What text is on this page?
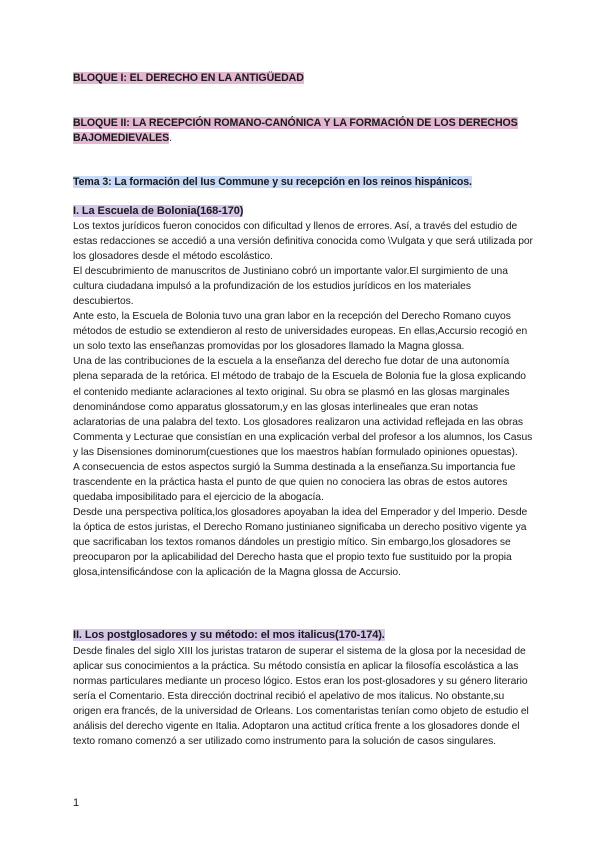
BLOQUE I: EL DERECHO EN LA ANTIGÜEDAD
BLOQUE II: LA RECEPCIÓN ROMANO-CANÓNICA Y LA FORMACIÓN DE LOS DERECHOS BAJOMEDIEVALES.
Tema 3: La formación del Ius Commune y su recepción en los reinos hispánicos.
I. La Escuela de Bolonia(168-170)

Los textos jurídicos fueron conocidos con dificultad y llenos de errores. Así, a través del estudio de estas redacciones se accedió a una versión definitiva conocida como \Vulgata y que será utilizada por los glosadores desde el método escolástico.

El descubrimiento de manuscritos de Justiniano cobró un importante valor.El surgimiento de una cultura ciudadana impulsó a la profundización de los estudios jurídicos en los materiales descubiertos.

Ante esto, la Escuela de Bolonia tuvo una gran labor en la recepción del Derecho Romano cuyos métodos de estudio se extendieron al resto de universidades europeas. En ellas,Accursio recogió en un solo texto las enseñanzas promovidas por los glosadores llamado la Magna glossa.

Una de las contribuciones de la escuela a la enseñanza del derecho fue dotar de una autonomía plena separada de la retórica. El método de trabajo de la Escuela de Bolonia fue la glosa explicando el contenido mediante aclaraciones al texto original. Su obra se plasmó en las glosas marginales denominándose como apparatus glossatorum,y en las glosas interlineales que eran notas aclaratorias de una palabra del texto. Los glosadores realizaron una actividad reflejada en las obras Commenta y Lecturae que consistían en una explicación verbal del profesor a los alumnos, los Casus y las Disensiones dominorum(cuestiones que los maestros habían formulado opiniones opuestas).

A consecuencia de estos aspectos surgió la Summa destinada a la enseñanza.Su importancia fue trascendente en la práctica hasta el punto de que quien no conociera las obras de estos autores quedaba imposibilitado para el ejercicio de la abogacía.

Desde una perspectiva política,los glosadores apoyaban la idea del Emperador y del Imperio. Desde la óptica de estos juristas, el Derecho Romano justinianeo significaba un derecho positivo vigente ya que sacrificaban los textos romanos dándoles un prestigio mítico. Sin embargo,los glosadores se preocuparon por la aplicabilidad del Derecho hasta que el propio texto fue sustituido por la propia glosa,intensificándose con la aplicación de la Magna glossa de Accursio.

II. Los postglosadores y su método: el mos italicus(170-174).

Desde finales del siglo XIII los juristas trataron de superar el sistema de la glosa por la necesidad de aplicar sus conocimientos a la práctica. Su método consistía en aplicar la filosofía escolástica a las normas particulares mediante un proceso lógico. Estos eran los post-glosadores y su género literario sería el Comentario. Esta dirección doctrinal recibió el apelativo de mos italicus. No obstante,su origen era francés, de la universidad de Orleans. Los comentaristas tenían como objeto de estudio el análisis del derecho vigente en Italia. Adoptaron una actitud crítica frente a los glosadores donde el texto romano comenzó a ser utilizado como instrumento para la solución de casos singulares.

1
